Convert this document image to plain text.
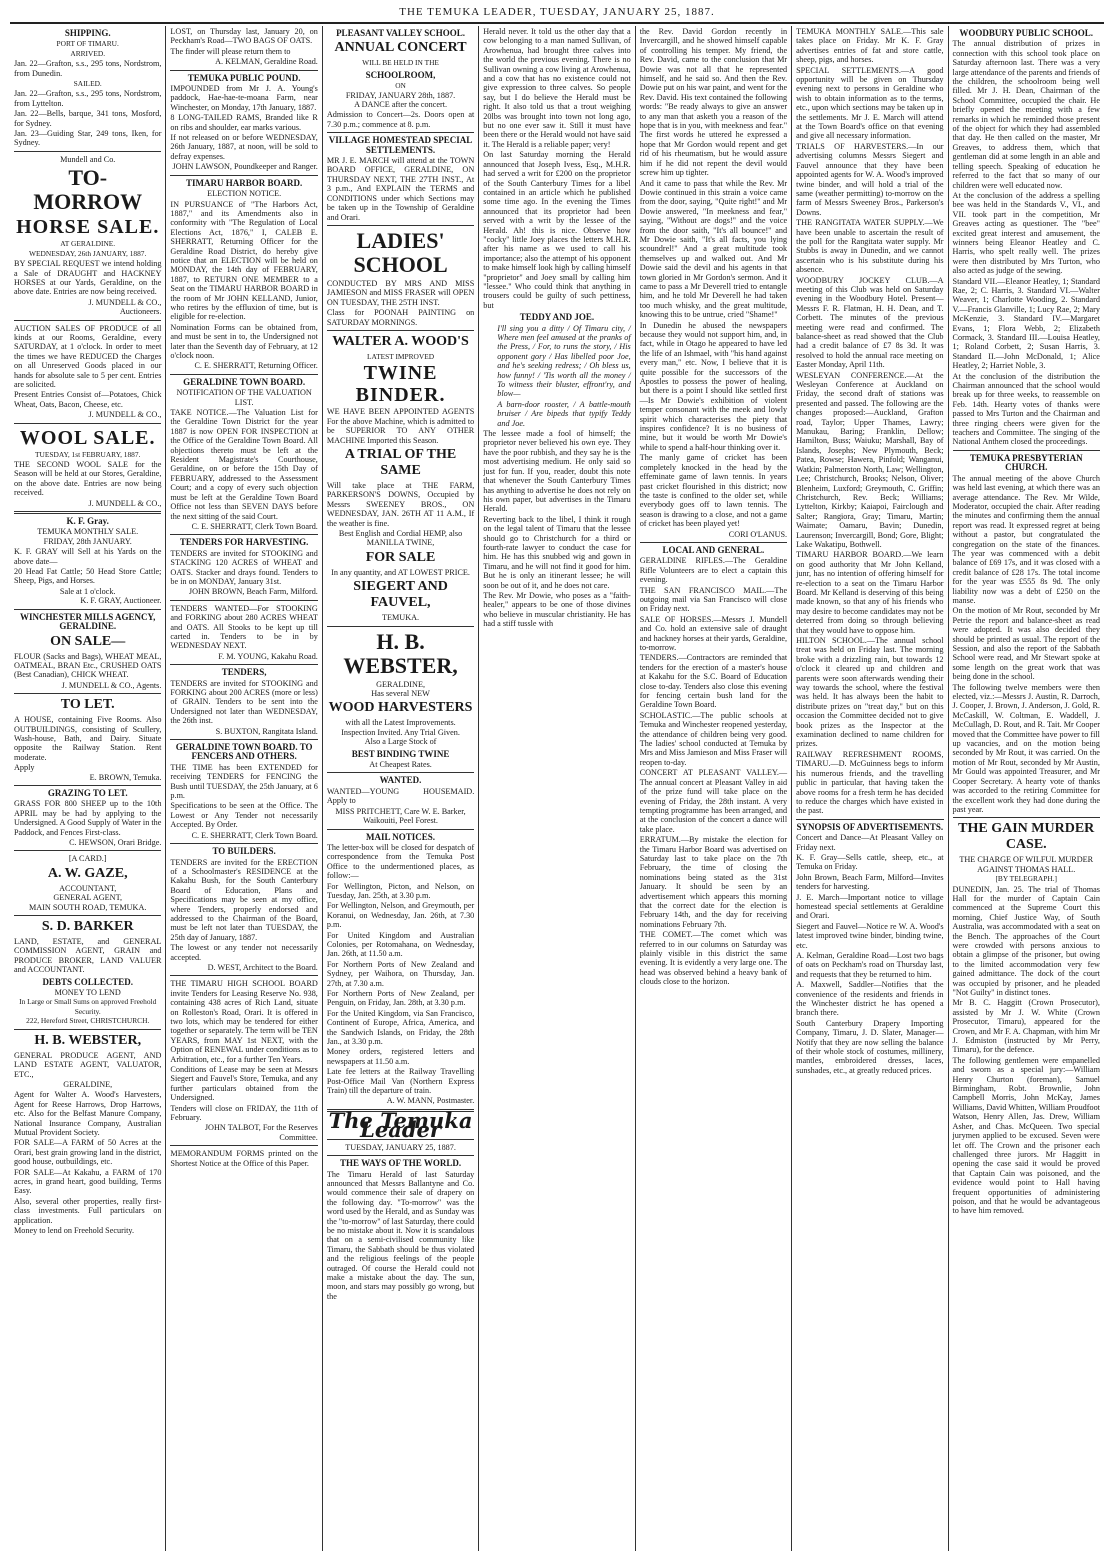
THE TEMUKA LEADER, TUESDAY, JANUARY 25, 1887.
SHIPPING.
PORT OF TIMARU.
ARRIVED.
Jan. 22—Grafton, s.s., 295 tons, Nordstrom, from Dunedin.
SAILED.
Jan. 22—Grafton, s.s., 295 tons, Nordstrom, from Lyttelton.
Jan. 22—Bells, barque, 341 tons, Mosford, for Sydney.
Jan. 23—Guiding Star, 249 tons, Iken, for Sydney.
Mundell and Co.
TO-MORROW
HORSE SALE.
AT GERALDINE.
WEDNESDAY, 26th JANUARY, 1887.
BY SPECIAL REQUEST we intend holding a Sale of DRAUGHT and HACKNEY HORSES at our Yards, Geraldine, on the above date. Entries are now being received.
J. MUNDELL & CO.,
Auctioneers.
AUCTION SALES OF PRODUCE of all kinds at our Rooms, Geraldine, every SATURDAY, at 1 o'clock. In order to meet the times we have REDUCED the Charges on all Unreserved Goods placed in our hands for absolute sale to 5 per cent. Entries are solicited.
Present Entries Consist of—Potatoes, Chick Wheat, Oats, Bacon, Cheese, etc.
J. MUNDELL & CO.,
WOOL SALE.
TUESDAY, 1st FEBRUARY, 1887.
THE SECOND WOOL SALE for the Season will be held at our Stores, Geraldine, on the above date. Entries are now being received.
J. MUNDELL & CO.,
K. F. Gray.
TEMUKA MONTHLY SALE.
FRIDAY, 28th JANUARY.
K. F. GRAY will Sell at his Yards on the above date—
20 Head Fat Cattle; 50 Head Store Cattle; Sheep, Pigs, and Horses.
Sale at 1 o'clock.
K. F. GRAY, Auctioneer.
WINCHESTER MILLS AGENCY, GERALDINE.
ON SALE—
FLOUR (Sacks and Bags), WHEAT MEAL, OATMEAL, BRAN Etc., CRUSHED OATS (Best Canadian), CHICK WHEAT.
J. MUNDELL & CO., Agents.
TO LET.
A HOUSE, containing Five Rooms. Also OUTBUILDINGS, consisting of Scullery, Wash-house, Bath, and Dairy. Situate opposite the Railway Station. Rent moderate.
Apply
E. BROWN, Temuka.
GRAZING TO LET.
GRASS FOR 800 SHEEP up to the 10th APRIL may be had by applying to the Undersigned. A Good Supply of Water in the Paddock, and Fences First-class.
C. HEWSON, Orari Bridge.
[A CARD.]
A. W. GAZE,
ACCOUNTANT,
GENERAL AGENT,
MAIN SOUTH ROAD, TEMUKA.
S. D. BARKER
LAND, ESTATE, and GENERAL COMMISSION AGENT, GRAIN and PRODUCE BROKER, LAND VALUER and ACCOUNTANT.
DEBTS COLLECTED.
MONEY TO LEND
In Large or Small Sums on approved Freehold Security.
222, Hereford Street, CHRISTCHURCH.
H. B. WEBSTER,
GENERAL PRODUCE AGENT, AND LAND ESTATE AGENT, VALUATOR, ETC.,
GERALDINE,
Agent for Walter A. Wood's Harvesters, Agent for Reese Harrows, Drop Harrows, etc. Also for the Belfast Manure Company, National Insurance Company, Australian Mutual Provident Society.
FOR SALE—A FARM of 50 Acres at the Orari, best grain growing land in the district, good house, outbuildings, etc.
FOR SALE—At Kakahu, a FARM of 170 acres, in grand heart, good building, Terms Easy.
Also, several other properties, really first-class investments. Full particulars on application.
Money to lend on Freehold Security.
LOST, on Thursday last, January 20, on Peckham's Road—TWO BAGS OF OATS.
The finder will please return them to
A. KELMAN, Geraldine Road.
TEMUKA PUBLIC POUND.
IMPOUNDED from Mr J. A. Young's paddock, Hae-hae-te-moana Farm, near Winchester, on Monday, 17th January, 1887.
8 LONG-TAILED RAMS, Branded like R on ribs and shoulder, ear marks various.
If not released on or before WEDNESDAY, 26th January, 1887, at noon, will be sold to defray expenses.
JOHN LAWSON, Poundkeeper and Ranger.
TIMARU HARBOR BOARD.
ELECTION NOTICE.
IN PURSUANCE of "The Harbors Act, 1887," and its Amendments also in conformity with "The Regulation of Local Elections Act, 1876," I, CALEB E. SHERRATT, Returning Officer for the Geraldine Road District, do hereby give notice that an ELECTION will be held on MONDAY, the 14th day of FEBRUARY, 1887, to RETURN ONE MEMBER to a Seat on the TIMARU HARBOR BOARD in the room of Mr JOHN KELLAND, Junior, who retires by the effluxion of time, but is eligible for re-election.
Nomination Forms can be obtained from, and must be sent in to, the Undersigned not later than the Seventh day of February, at 12 o'clock noon.
C. E. SHERRATT, Returning Officer.
GERALDINE TOWN BOARD.
NOTIFICATION OF THE VALUATION LIST.
TAKE NOTICE.—The Valuation List for the Geraldine Town District for the year 1887 is now OPEN FOR INSPECTION at the Office of the Geraldine Town Board. All objections thereto must be left at the Resident Magistrate's Courthouse, Geraldine, on or before the 15th Day of FEBRUARY, addressed to the Assessment Court; and a copy of every such objection must be left at the Geraldine Town Board Office not less than SEVEN DAYS before the next sitting of the said Court.
C. E. SHERRATT, Clerk Town Board.
TENDERS FOR HARVESTING.
TENDERS are invited for STOOKING and STACKING 120 ACRES of WHEAT and OATS. Stacker and drays found. Tenders to be in on MONDAY, January 31st.
JOHN BROWN, Beach Farm, Milford.
TENDERS WANTED—For STOOKING and FORKING about 280 ACRES WHEAT and OATS. All Stooks to be kept up till carted in. Tenders to be in by WEDNESDAY NEXT.
F. M. YOUNG, Kakahu Road.
TENDERS,
TENDERS are invited for STOOKING and FORKING about 200 ACRES (more or less) of GRAIN. Tenders to be sent into the Undersigned not later than WEDNESDAY, the 26th inst.
S. BUXTON, Rangitata Island.
GERALDINE TOWN BOARD. TO FENCERS AND OTHERS.
THE TIME has been EXTENDED for receiving TENDERS for FENCING the Bush until TUESDAY, the 25th January, at 6 p.m.
Specifications to be seen at the Office. The Lowest or Any Tender not necessarily Accepted. By Order.
C. E. SHERRATT, Clerk Town Board.
TO BUILDERS.
TENDERS are invited for the ERECTION of a Schoolmaster's RESIDENCE at the Kakahu Bush, for the South Canterbury Board of Education, Plans and Specifications may be seen at my office, where Tenders, properly endorsed and addressed to the Chairman of the Board, must be left not later than TUESDAY, the 25th day of January, 1887.
The lowest or any tender not necessarily accepted.
D. WEST, Architect to the Board.
THE TIMARU HIGH SCHOOL BOARD invite Tenders for Leasing Reserve No. 938, containing 438 acres of Rich Land, situate on Rolleston's Road, Orari. It is offered in two lots, which may be tendered for either together or separately. The term will be TEN YEARS, from MAY 1st NEXT, with the Option of RENEWAL under conditions as to Arbitration, etc., for a further Ten Years.
Conditions of Lease may be seen at Messrs Siegert and Fauvel's Store, Temuka, and any further particulars obtained from the Undersigned.
Tenders will close on FRIDAY, the 11th of February.
JOHN TALBOT, For the Reserves Committee.
MEMORANDUM FORMS printed on the Shortest Notice at the Office of this Paper.
PLEASANT VALLEY SCHOOL.
ANNUAL CONCERT
WILL BE HELD IN THE
SCHOOLROOM,
ON
FRIDAY, JANUARY 28th, 1887.
A DANCE after the concert.
Admission to Concert—2s. Doors open at 7.30 p.m.; commence at 8. p.m.
VILLAGE HOMESTEAD SPECIAL SETTLEMENTS.
MR J. E. MARCH will attend at the TOWN BOARD OFFICE, GERALDINE, ON THURSDAY NEXT, THE 27TH INST., At 3 p.m., And EXPLAIN the TERMS and CONDITIONS under which Sections may be taken up in the Township of Geraldine and Orari.
LADIES' SCHOOL
CONDUCTED BY MRS AND MISS JAMIESON and MISS FRASER will OPEN ON TUESDAY, THE 25TH INST.
Class for POONAH PAINTING on SATURDAY MORNINGS.
WALTER A. WOOD'S
LATEST IMPROVED
TWINE BINDER.
WE HAVE BEEN APPOINTED AGENTS For the above Machine, which is admitted to be SUPERIOR TO ANY OTHER MACHINE Imported this Season.
A TRIAL OF THE SAME
Will take place at THE FARM, PARKERSON'S DOWNS, Occupied by Messrs SWEENEY BROS., ON WEDNESDAY, JAN. 26TH AT 11 A.M., If the weather is fine.
Best English and Cordial HEMP, also MANILLA TWINE,
FOR SALE
In any quantity, and AT LOWEST PRICE.
SIEGERT AND FAUVEL,
TEMUKA.
H. B. WEBSTER,
GERALDINE,
Has several NEW
WOOD HARVESTERS
with all the Latest Improvements.
Inspection Invited. Any Trial Given.
Also a Large Stock of
BEST BINDING TWINE
At Cheapest Rates.
WANTED.
WANTED—YOUNG HOUSEMAID. Apply to
MISS PRITCHETT, Care W. E. Barker, Waikouiti, Peel Forest.
MAIL NOTICES.
The letter-box will be closed for despatch of correspondence from the Temuka Post Office to the undermentioned places, as follow:—
For Wellington, Picton, and Nelson, on Tuesday, Jan. 25th, at 3.30 p.m.
For Wellington, Nelson, and Greymouth, per Koranui, on Wednesday, Jan. 26th, at 7.30 p.m.
For United Kingdom and Australian Colonies, per Rotomahana, on Wednesday, Jan. 26th, at 11.50 a.m.
For Northern Ports of New Zealand and Sydney, per Waihora, on Thursday, Jan. 27th, at 7.30 a.m.
For Northern Ports of New Zealand, per Penguin, on Friday, Jan. 28th, at 3.30 p.m.
For the United Kingdom, via San Francisco, Continent of Europe, Africa, America, and the Sandwich Islands, on Friday, the 28th Jan., at 3.30 p.m.
Money orders, registered letters and newspapers at 11.50 a.m.
Late fee letters at the Railway Travelling Post-Office Mail Van (Northern Express Train) till the departure of train.
A. W. MANN, Postmaster.
The Temuka Leader
TUESDAY, JANUARY 25, 1887.
THE WAYS OF THE WORLD.
The Timaru Herald of last Saturday announced that Messrs Ballantyne and Co. would commence their sale of drapery on the following day. "To-morrow" was the word used by the Herald, and as Sunday was the "to-morrow" of last Saturday, there could be no mistake about it. Now it is scandalous that on a semi-civilised community like Timaru, the Sabbath should be thus violated and the religious feelings of the people outraged. Of course the Herald could not make a mistake about the day. The sun, moon, and stars may possibly go wrong, but the
Herald never. It told us the other day that a cow belonging to a man named Sullivan, of Arowhenua, had brought three calves into the world the previous evening. There is no Sullivan owning a cow living at Arowhenua, and a cow that has no existence could not give expression to three calves. So people say, but I do believe the Herald must be right. It also told us that a trout weighing 20lbs was brought into town not long ago, but no one ever saw it. Still it must have been there or the Herald would not have said it. The Herald is a reliable paper; very!
On last Saturday morning the Herald announced that Joseph Ivess, Esq., M.H.R. had served a writ for £200 on the proprietor of the South Canterbury Times for a libel contained in an article which he published some time ago. In the evening the Times announced that its proprietor had been served with a writ by the lessee of the Herald. Ah! this is nice. Observe how "cocky" little Joey places the letters M.H.R. after his name as we used to call his importance; also the attempt of his opponent to make himself look high by calling himself "proprietor" and Joey small by calling him "lessee." Who could think that anything in trousers could be guilty of such pettiness, but
TEDDY AND JOE.
I'll sing you a ditty / Of Timaru city, / Where men feel amused at the pranks of the Press, / For, to runs the story, / His opponent gory / Has libelled poor Joe, and he's seeking redress; / Oh bless us, how funny! / 'Tis worth all the money / To witness their bluster, effront'ry, and blow—
A barn-door rooster, / A battle-mouth bruiser / Are bipeds that typify Teddy and Joe.
The lessee made a fool of himself; the proprietor never believed his own eye. They have the poor rubbish, and they say he is the most advertising medium. He only said so just for fun. If you, reader, doubt this note that whenever the South Canterbury Times has anything to advertise he does not rely on his own paper, but advertises in the Timaru Herald.
Reverting back to the libel, I think it rough on the legal talent of Timaru that the lessee should go to Christchurch for a third or fourth-rate lawyer to conduct the case for him. He has this snubbed wig and gown in Timaru, and he will not find it good for him. But he is only an itinerant lessee; he will soon be out of it, and he does not care.
The Rev. Mr Dowie, who poses as a "faith-healer," appears to be one of those divines who believe in muscular christianity. He has had a stiff tussle with
the Rev. David Gordon recently in Invercargill, and he showed himself capable of controlling his temper. My friend, the Rev. David, came to the conclusion that Mr Dowie was not all that he represented himself, and he said so. And then the Rev. Dowie put on his war paint, and went for the Rev. David. His text contained the following words: "Be ready always to give an answer to any man that asketh you a reason of the hope that is in you, with meekness and fear." The first words he uttered he expressed a hope that Mr Gordon would repent and get rid of his rheumatism, but he would assure him if he did not repent the devil would screw him up tighter.
And it came to pass that while the Rev. Mr Dowie continued in this strain a voice came from the door, saying, "Quite right!" and Mr Dowie answered, "In meekness and fear," saying, "Without are dogs!" and the voice from the door saith, "It's all bounce!" and Mr Dowie saith, "It's all facts, you lying scoundrel!" And a great multitude took themselves up and walked out. And Mr Dowie said the devil and his agents in that town gloried in Mr Gordon's sermon. And it came to pass a Mr Deverell tried to entangle him, and he told Mr Deverell he had taken too much whisky, and the great multitude, knowing this to be untrue, cried "Shame!"
In Dunedin he abused the newspapers because they would not support him, and, in fact, while in Otago he appeared to have led the life of an Ishmael, with "his hand against every man," etc. Now, I believe that it is quite possible for the successors of the Apostles to possess the power of healing, but there is a point I should like settled first—Is Mr Dowie's exhibition of violent temper consonant with the meek and lowly spirit which characterises the piety that inspires confidence? It is no business of mine, but it would be worth Mr Dowie's while to spend a half-hour thinking over it.
The manly game of cricket has been completely knocked in the head by the effeminate game of lawn tennis. In years past cricket flourished in this district; now the taste is confined to the older set, while everybody goes off to lawn tennis. The season is drawing to a close, and not a game of cricket has been played yet!
CORI O'LANUS.
LOCAL AND GENERAL.
GERALDINE RIFLES.—The Geraldine Rifle Volunteers are to elect a captain this evening.
THE SAN FRANCISCO MAIL.—The outgoing mail via San Francisco will close on Friday next.
SALE OF HORSES.—Messrs J. Mundell and Co. hold an extensive sale of draught and hackney horses at their yards, Geraldine, to-morrow.
TENDERS.—Contractors are reminded that tenders for the erection of a master's house at Kakahu for the S.C. Board of Education close to-day. Tenders also close this evening for fencing certain bush land for the Geraldine Town Board.
SCHOLASTIC.—The public schools at Temuka and Winchester reopened yesterday, the attendance of children being very good. The ladies' school conducted at Temuka by Mrs and Miss Jamieson and Miss Fraser will reopen to-day.
CONCERT AT PLEASANT VALLEY.—The annual concert at Pleasant Valley in aid of the prize fund will take place on the evening of Friday, the 28th instant. A very tempting programme has been arranged, and at the conclusion of the concert a dance will take place.
ERRATUM.—By mistake the election for the Timaru Harbor Board was advertised on Saturday last to take place on the 7th February, the time of closing the nominations being stated as the 31st January. It should be seen by an advertisement which appears this morning that the correct date for the election is February 14th, and the day for receiving nominations February 7th.
THE COMET.—The comet which was referred to in our columns on Saturday was plainly visible in this district the same evening. It is evidently a very large one. The head was observed behind a heavy bank of clouds close to the horizon.
TEMUKA MONTHLY SALE.—This sale takes place on Friday. Mr K. F. Gray advertises entries of fat and store cattle, sheep, pigs, and horses.
SPECIAL SETTLEMENTS.—A good opportunity will be given on Thursday evening next to persons in Geraldine who wish to obtain information as to the terms, etc., upon which sections may be taken up in the settlements. Mr J. E. March will attend at the Town Board's office on that evening and give all necessary information.
TRIALS OF HARVESTERS.—In our advertising columns Messrs Siegert and Fauvel announce that they have been appointed agents for W. A. Wood's improved twine binder, and will hold a trial of the same (weather permitting) to-morrow on the farm of Messrs Sweeney Bros., Parkerson's Downs.
THE RANGITATA WATER SUPPLY.—We have been unable to ascertain the result of the poll for the Rangitata water supply. Mr Stubbs is away in Dunedin, and we cannot ascertain who is his substitute during his absence.
WOODBURY JOCKEY CLUB.—A meeting of this Club was held on Saturday evening in the Woodbury Hotel. Present—Messrs F. R. Flatman, H. H. Dean, and T. Corbett. The minutes of the previous meeting were read and confirmed. The balance-sheet as read showed that the Club had a credit balance of £7 8s 3d. It was resolved to hold the annual race meeting on Easter Monday, April 11th.
WESLEYAN CONFERENCE.—At the Wesleyan Conference at Auckland on Friday, the second draft of stations was presented and passed. The following are the changes proposed:—Auckland, Grafton road, Taylor; Upper Thames, Lawry; Manukau, Baring; Franklin, Dellow; Hamilton, Buss; Waiuku; Marshall, Bay of Islands, Josephs; New Plymouth, Beck; Patea, Rowse; Hawera, Pinfold; Wanganui, Watkin; Palmerston North, Law; Wellington, Lee; Christchurch, Brooks; Nelson, Oliver; Blenheim, Luxford; Greymouth, C. Griffin; Christchurch, Rev. Beck; Williams; Lyttelton, Kirkby; Kaiapoi, Fairclough and Salter; Rangiora, Gray; Timaru, Martin; Waimate; Oamaru, Bavin; Dunedin, Laurenson; Invercargill, Bond; Gore, Blight; Lake Wakatipu, Bothwell.
TIMARU HARBOR BOARD.—We learn on good authority that Mr John Kelland, junr, has no intention of offering himself for re-election to a seat on the Timaru Harbor Board. Mr Kelland is deserving of this being made known, so that any of his friends who may desire to become candidates may not be deterred from doing so through believing that they would have to oppose him.
HILTON SCHOOL.—The annual school treat was held on Friday last. The morning broke with a drizzling rain, but towards 12 o'clock it cleared up and children and parents were soon afterwards wending their way towards the school, where the festival was held. It has always been the habit to distribute prizes on "treat day," but on this occasion the Committee decided not to give book prizes as the Inspector at the examination declined to name children for prizes.
RAILWAY REFRESHMENT ROOMS, TIMARU.—D. McGuinness begs to inform his numerous friends, and the travelling public in particular, that having taken the above rooms for a fresh term he has decided to reduce the charges which have existed in the past.
SYNOPSIS OF ADVERTISEMENTS.
Concert and Dance—At Pleasant Valley on Friday next.
K. F. Gray—Sells cattle, sheep, etc., at Temuka on Friday.
John Brown, Beach Farm, Milford—Invites tenders for harvesting.
J. E. March—Important notice to village homestead special settlements at Geraldine and Orari.
Siegert and Fauvel—Notice re W. A. Wood's latest improved twine binder, binding twine, etc.
A. Kelman, Geraldine Road—Lost two bags of oats on Peckham's road on Thursday last, and requests that they be returned to him.
A. Maxwell, Saddler—Notifies that the convenience of the residents and friends in the Winchester district he has opened a branch there.
South Canterbury Drapery Importing Company, Timaru, J. D. Slater, Manager—Notify that they are now selling the balance of their whole stock of costumes, millinery, mantles, embroidered dresses, laces, sunshades, etc., at greatly reduced prices.
WOODBURY PUBLIC SCHOOL.
The annual distribution of prizes in connection with this school took place on Saturday afternoon last. There was a very large attendance of the parents and friends of the children, the schoolroom being well filled. Mr J. H. Dean, Chairman of the School Committee, occupied the chair. He briefly opened the meeting with a few remarks in which he reminded those present of the object for which they had assembled that day. He then called on the master, Mr Greaves, to address them, which that gentleman did at some length in an able and telling speech. Speaking of education he referred to the fact that so many of our children were well educated now.
At the conclusion of the address a spelling bee was held in the Standards V., VI., and VII. took part in the competition, Mr Greaves acting as questioner. The "bee" excited great interest and amusement, the winners being Eleanor Heatley and C. Harris, who spelt really well. The prizes were then distributed by Mrs Turton, who also acted as judge of the sewing.
Standard VII.—Eleanor Heatley, 1; Standard Rae, 2; C. Harris, 3. Standard VI.—Walter Weaver, 1; Charlotte Wooding, 2. Standard V.—Francis Glanville, 1; Lucy Rae, 2; Mary McKenzie, 3. Standard IV.—Margaret Evans, 1; Flora Webb, 2; Elizabeth Cormack, 3. Standard III.—Louisa Heatley, 1; Roland Corbett, 2; Susan Harris, 3. Standard II.—John McDonald, 1; Alice Heatley, 2; Harriet Noble, 3.
At the conclusion of the distribution the Chairman announced that the school would break up for three weeks, to reassemble on Feb. 14th. Hearty votes of thanks were passed to Mrs Turton and the Chairman and three ringing cheers were given for the teachers and Committee. The singing of the National Anthem closed the proceedings.
TEMUKA PRESBYTERIAN CHURCH.
The annual meeting of the above Church was held last evening, at which there was an average attendance. The Rev. Mr Wilde, Moderator, occupied the chair. After reading the minutes and confirming them the annual report was read. It expressed regret at being without a pastor, but congratulated the congregation on the state of the finances. The year was commenced with a debit balance of £69 17s, and it was closed with a credit balance of £28 17s. The total income for the year was £555 8s 9d. The only liability now was a debt of £250 on the manse.
On the motion of Mr Rout, seconded by Mr Petrie the report and balance-sheet as read were adopted. It was also decided they should be printed as usual. The report of the Session, and also the report of the Sabbath School were read, and Mr Stewart spoke at some length on the great work that was being done in the school.
The following twelve members were then elected, viz.:—Messrs J. Austin, R. Darroch, J. Cooper, J. Brown, J. Anderson, J. Gold, R. McCaskill, W. Coltman, E. Waddell, J. McCullagh, D. Rout, and R. Tait. Mr Cooper moved that the Committee have power to fill up vacancies, and on the motion being seconded by Mr Rout, it was carried. On the motion of Mr Rout, seconded by Mr Austin, Mr Gould was appointed Treasurer, and Mr Cooper Secretary. A hearty vote of thanks was accorded to the retiring Committee for the excellent work they had done during the past year.
THE GAIN MURDER CASE.
THE CHARGE OF WILFUL MURDER AGAINST THOMAS HALL.
[BY TELEGRAPH.]
DUNEDIN, Jan. 25. The trial of Thomas Hall for the murder of Captain Cain commenced at the Supreme Court this morning, Chief Justice Way, of South Australia, was accommodated with a seat on the Bench. The approaches of the Court were crowded with persons anxious to obtain a glimpse of the prisoner, but owing to the limited accommodation very few gained admittance. The dock of the court was occupied by prisoner, and he pleaded "Not Guilty" in distinct tones.
Mr B. C. Haggitt (Crown Prosecutor), assisted by Mr J. W. White (Crown Prosecutor, Timaru), appeared for the Crown, and Mr F. A. Chapman, with him Mr J. Edmiston (instructed by Mr Perry, Timaru), for the defence.
The following gentlemen were empanelled and sworn as a special jury:—William Henry Churton (foreman), Samuel Birmingham, Robt. Brownlie, John Campbell Morris, John McKay, James Williams, David Whitten, William Proudfoot Watson, Henry Allen, Jas. Drew, William Asher, and Chas. McQueen. Two special jurymen applied to be excused. Seven were let off. The Crown and the prisoner each challenged three jurors. Mr Haggitt in opening the case said it would be proved that Captain Cain was poisoned, and the evidence would point to Hall having frequent opportunities of administering poison, and that he would be advantageous to have him removed.
